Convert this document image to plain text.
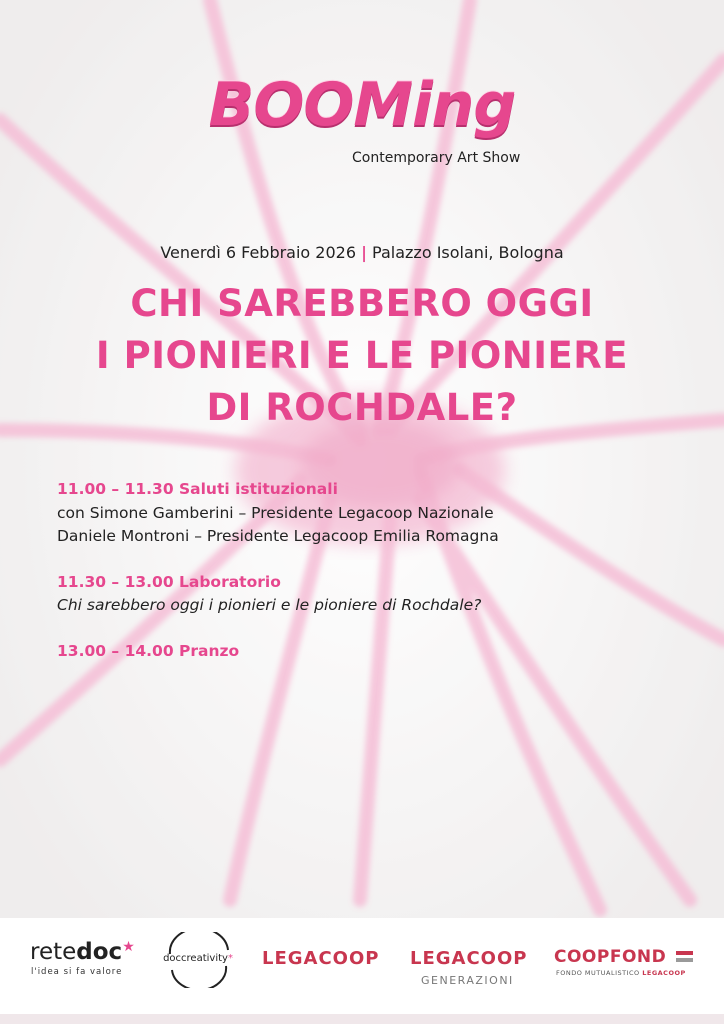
BOOMing
Contemporary Art Show
Venerdì 6 Febbraio 2026 | Palazzo Isolani, Bologna
CHI SAREBBERO OGGI
I PIONIERI E LE PIONIERE
DI ROCHDALE?
11.00 – 11.30 Saluti istituzionali
con Simone Gamberini – Presidente Legacoop Nazionale
Daniele Montroni – Presidente Legacoop Emilia Romagna
11.30 – 13.00 Laboratorio
Chi sarebbero oggi i pionieri e le pioniere di Rochdale?
13.00 – 14.00 Pranzo
retedoc★
l'idea si fa valore
doccreativity* LEGACOOP LEGACOOP
GENERAZIONI
COOPFOND
FONDO MUTUALISTICO LEGACOOP
